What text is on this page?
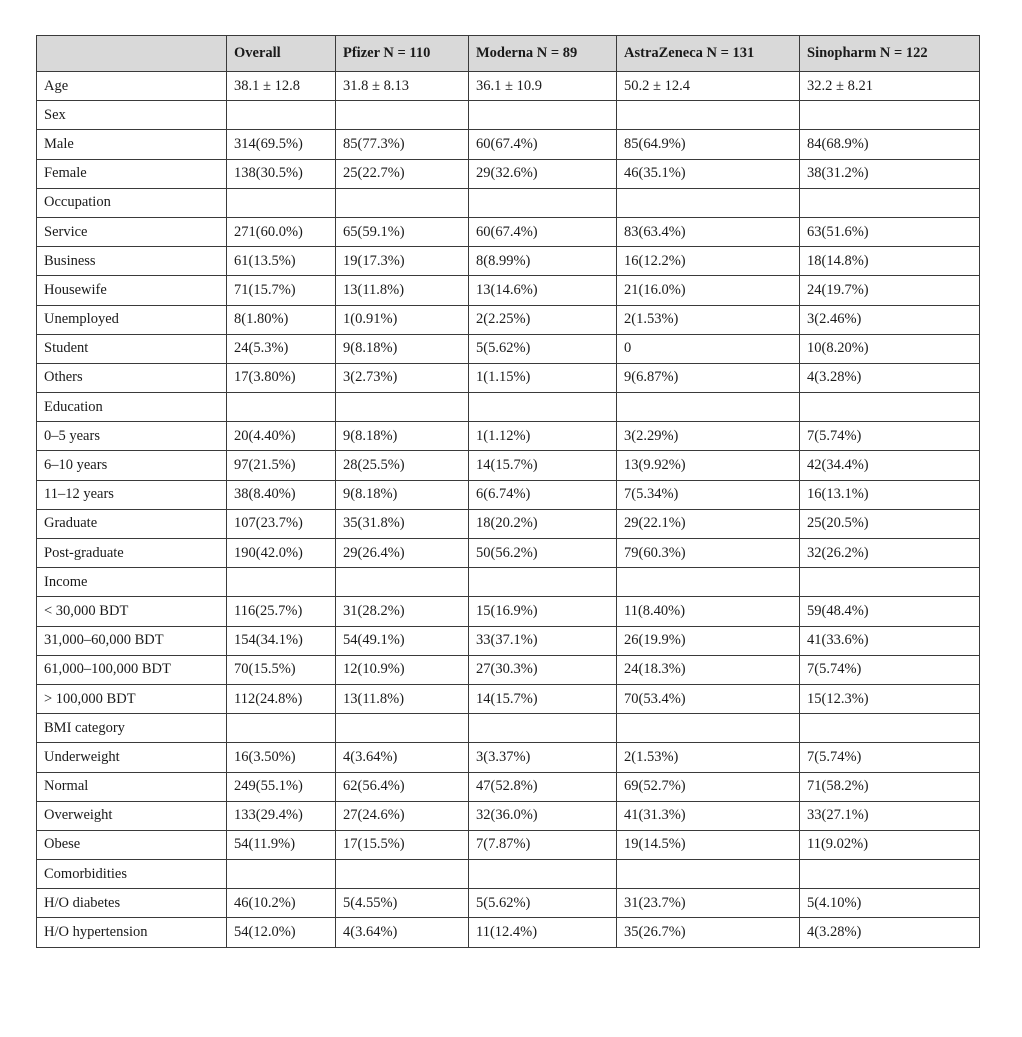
	Overall	Pfizer N = 110	Moderna N = 89	AstraZeneca N = 131	Sinopharm N = 122
Age	38.1 ± 12.8	31.8 ± 8.13	36.1 ± 10.9	50.2 ± 12.4	32.2 ± 8.21
Sex					
Male	314(69.5%)	85(77.3%)	60(67.4%)	85(64.9%)	84(68.9%)
Female	138(30.5%)	25(22.7%)	29(32.6%)	46(35.1%)	38(31.2%)
Occupation					
Service	271(60.0%)	65(59.1%)	60(67.4%)	83(63.4%)	63(51.6%)
Business	61(13.5%)	19(17.3%)	8(8.99%)	16(12.2%)	18(14.8%)
Housewife	71(15.7%)	13(11.8%)	13(14.6%)	21(16.0%)	24(19.7%)
Unemployed	8(1.80%)	1(0.91%)	2(2.25%)	2(1.53%)	3(2.46%)
Student	24(5.3%)	9(8.18%)	5(5.62%)	0	10(8.20%)
Others	17(3.80%)	3(2.73%)	1(1.15%)	9(6.87%)	4(3.28%)
Education					
0–5 years	20(4.40%)	9(8.18%)	1(1.12%)	3(2.29%)	7(5.74%)
6–10 years	97(21.5%)	28(25.5%)	14(15.7%)	13(9.92%)	42(34.4%)
11–12 years	38(8.40%)	9(8.18%)	6(6.74%)	7(5.34%)	16(13.1%)
Graduate	107(23.7%)	35(31.8%)	18(20.2%)	29(22.1%)	25(20.5%)
Post-graduate	190(42.0%)	29(26.4%)	50(56.2%)	79(60.3%)	32(26.2%)
Income					
< 30,000 BDT	116(25.7%)	31(28.2%)	15(16.9%)	11(8.40%)	59(48.4%)
31,000–60,000 BDT	154(34.1%)	54(49.1%)	33(37.1%)	26(19.9%)	41(33.6%)
61,000–100,000 BDT	70(15.5%)	12(10.9%)	27(30.3%)	24(18.3%)	7(5.74%)
> 100,000 BDT	112(24.8%)	13(11.8%)	14(15.7%)	70(53.4%)	15(12.3%)
BMI category					
Underweight	16(3.50%)	4(3.64%)	3(3.37%)	2(1.53%)	7(5.74%)
Normal	249(55.1%)	62(56.4%)	47(52.8%)	69(52.7%)	71(58.2%)
Overweight	133(29.4%)	27(24.6%)	32(36.0%)	41(31.3%)	33(27.1%)
Obese	54(11.9%)	17(15.5%)	7(7.87%)	19(14.5%)	11(9.02%)
Comorbidities					
H/O diabetes	46(10.2%)	5(4.55%)	5(5.62%)	31(23.7%)	5(4.10%)
H/O hypertension	54(12.0%)	4(3.64%)	11(12.4%)	35(26.7%)	4(3.28%)
